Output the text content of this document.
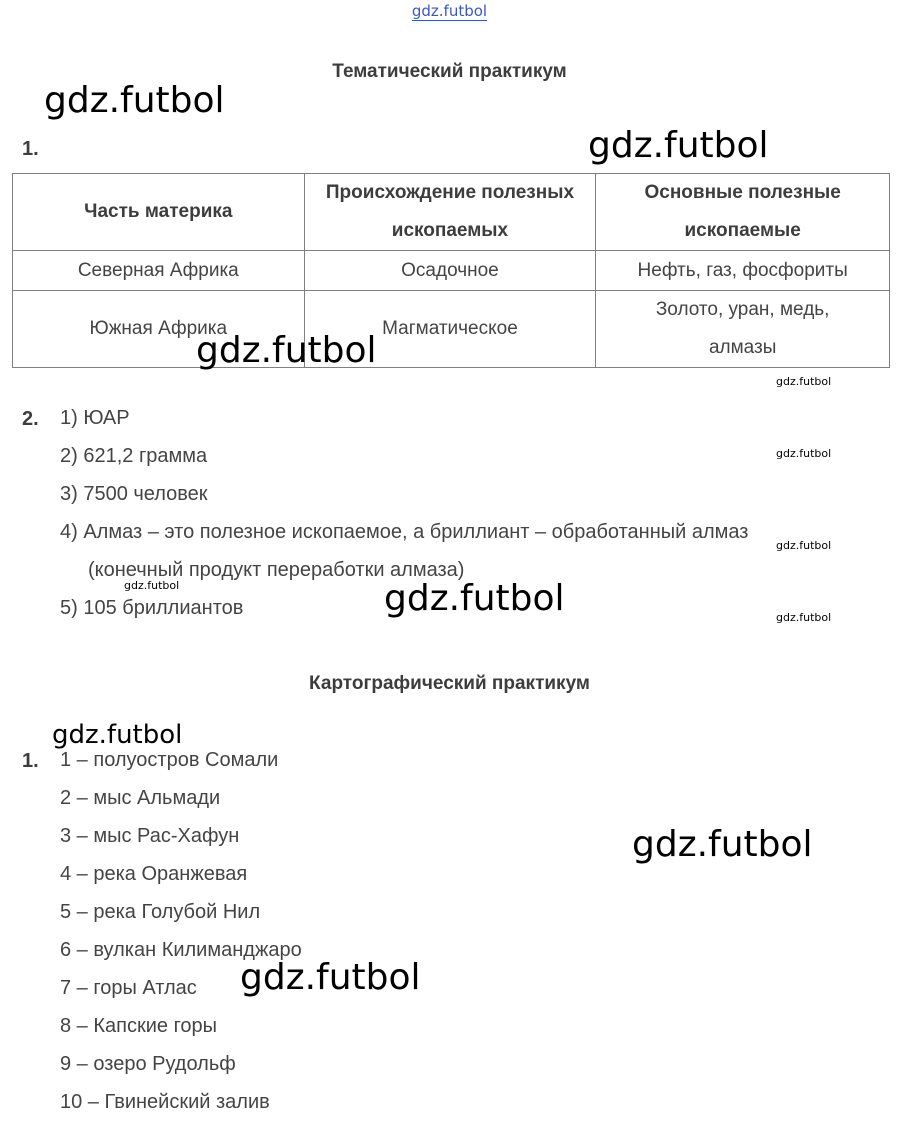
gdz.futbol
Тематический практикум
gdz.futbol
1.	gdz.futbol
Часть материка	Происхождение полезных ископаемых	Основные полезные ископаемые
Северная Африка	Осадочное	Нефть, газ, фосфориты
Южная Африка	Магматическое	Золото, уран, медь, алмазы
gdz.futbol
gdz.futbol
2. 1) ЮАР
2) 621,2 грамма	gdz.futbol
3) 7500 человек
4) Алмаз – это полезное ископаемое, а бриллиант – обработанный алмаз
gdz.futbol
(конечный продукт переработки алмаза)
gdz.futbol
5) 105 бриллиантов	gdz.futbol	gdz.futbol
Картографический практикум
gdz.futbol
1. 1 – полуостров Сомали
2 – мыс Альмади
3 – мыс Рас-Хафун	gdz.futbol
4 – река Оранжевая
5 – река Голубой Нил
6 – вулкан Килиманджаро
7 – горы Атлас gdz.futbol
8 – Капские горы
9 – озеро Рудольф
10 – Гвинейский залив
